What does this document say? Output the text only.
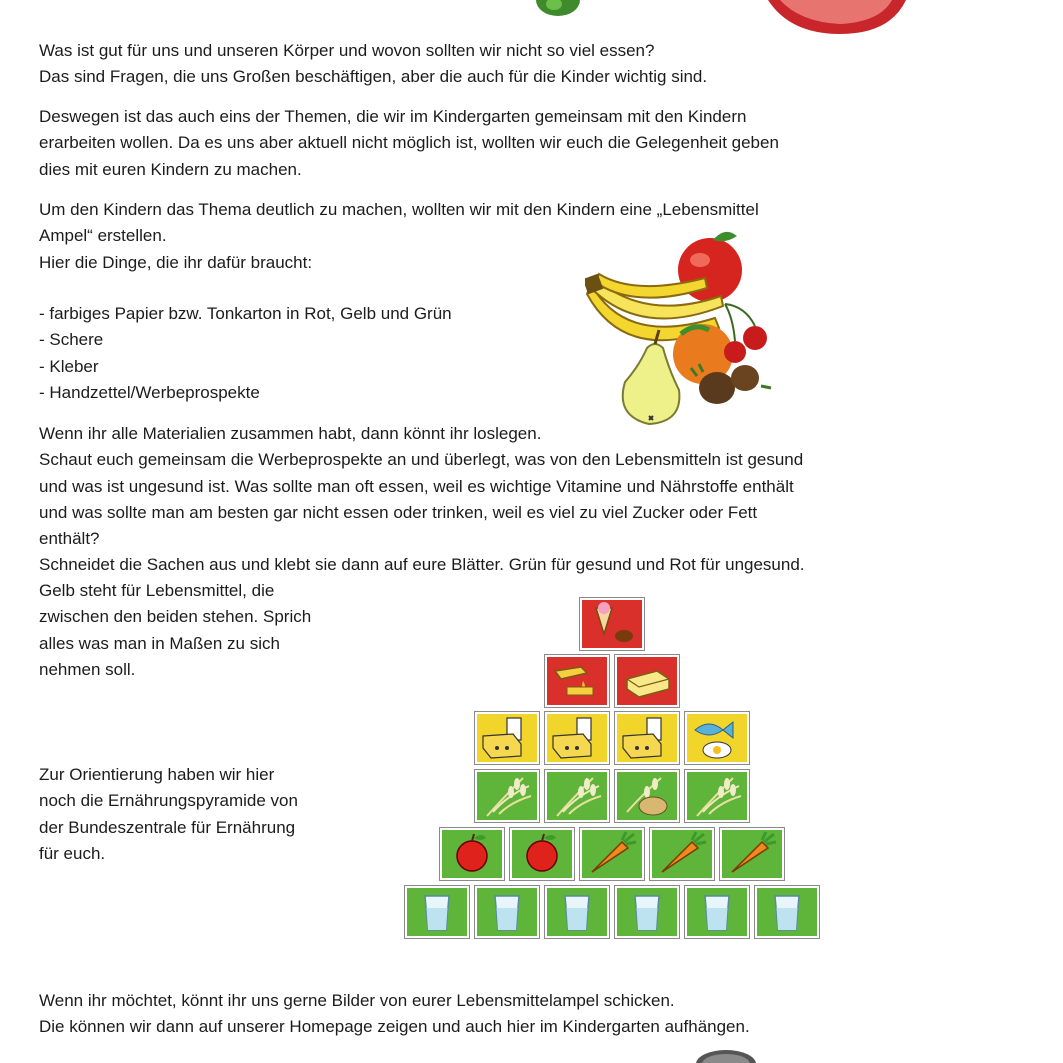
Was ist gut für uns und unseren Körper und wovon sollten wir nicht so viel essen?

Das sind Fragen, die uns Großen beschäftigen, aber die auch für die Kinder wichtig sind.

Deswegen ist das auch eins der Themen, die wir im Kindergarten gemeinsam mit den Kindern

erarbeiten wollen. Da es uns aber aktuell nicht möglich ist, wollten wir euch die Gelegenheit geben

dies mit euren Kindern zu machen.

Um den Kindern das Thema deutlich zu machen, wollten wir mit den Kindern eine „Lebensmittel

Ampel“ erstellen.

Hier die Dinge, die ihr dafür braucht:

- farbiges Papier bzw. Tonkarton in Rot, Gelb und Grün

- Schere

- Kleber

- Handzettel/Werbeprospekte

Wenn ihr alle Materialien zusammen habt, dann könnt ihr loslegen.

Schaut euch gemeinsam die Werbeprospekte an und überlegt, was von den Lebensmitteln ist gesund

und was ist ungesund ist. Was sollte man oft essen, weil es wichtige Vitamine und Nährstoffe enthält

und was sollte man am besten gar nicht essen oder trinken, weil es viel zu viel Zucker oder Fett

enthält?

Schneidet die Sachen aus und klebt sie dann auf eure Blätter. Grün für gesund und Rot für ungesund.

Gelb steht für Lebensmittel, die

zwischen den beiden stehen. Sprich

alles was man in Maßen zu sich

nehmen soll.

Zur Orientierung haben wir hier

noch die Ernährungspyramide von

der Bundeszentrale für Ernährung

für euch.

Wenn ihr möchtet, könnt ihr uns gerne Bilder von eurer Lebensmittelampel schicken.

Die können wir dann auf unserer Homepage zeigen und auch hier im Kindergarten aufhängen.
